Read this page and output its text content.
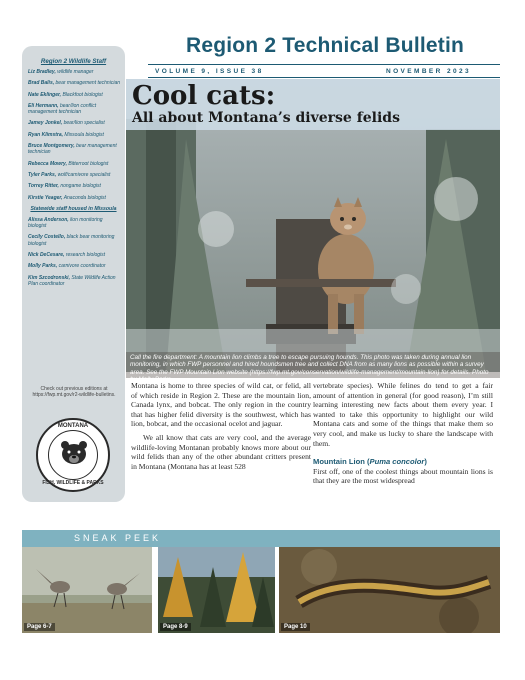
Region 2 Wildlife Staff
Liz Bradley, wildlife manager
Brad Balis, bear management technician
Nate Eklinger, Blackfoot biologist
Eli Hermann, bear/lion conflict management technician
Jamey Jonkel, bear/lion specialist
Ryan Klimstra, Missoula biologist
Bruce Montgomery, bear management technician
Rebecca Mowry, Bitterroot biologist
Tyler Parks, wolf/carnivore specialist
Torrey Ritter, nongame biologist
Kirstie Yeager, Anaconda biologist
Statewide staff housed in Missoula
Alissa Anderson, lion monitoring biologist
Cecily Costello, black bear monitoring biologist
Nick DeCesare, research biologist
Molly Parks, carnivore coordinator
Kim Szcodronski, State Wildlife Action Plan coordinator
Check out previous editions at https://fwp.mt.gov/r2-wildlife-bulletins.
MONTANA
FISH, WILDLIFE & PARKS
Region 2 Technical Bulletin
VOLUME 9, ISSUE 38	NOVEMBER 2023
Cool cats:
All about Montana’s diverse felids
Call the fire department: A mountain lion climbs a tree to escape pursuing hounds. This photo was taken during annual lion monitoring, in which FWP personnel and hired houndsmen tree and collect DNA from as many lions as possible within a survey area. See the FWP Mountain Lion website (https://fwp.mt.gov/conservation/wildlife-management/mountain-lion) for details. Photo by Molly Parks.

Montana is home to three species of wild cat, or felid, all of which reside in Region 2. These are the mountain lion, Canada lynx, and bobcat. The only region in the country that has higher felid diversity is the southwest, which has lion, bobcat, and the occasional ocelot and jaguar.

We all know that cats are very cool, and the average wildlife-loving Montanan probably knows more about our wild felids than any of the other abundant critters present in Montana (Montana has at least 528

vertebrate species). While felines do tend to get a fair amount of attention in general (for good reason), I’m still learning interesting new facts about them every year. I wanted to take this opportunity to highlight our wild Montana cats and some of the things that make them so very cool, and make us lucky to share the landscape with them.

Mountain Lion (Puma concolor)

First off, one of the coolest things about mountain lions is that they are the most widespread

SNEAK PEEK
Page 6-7	Page 8-9	Page 10
